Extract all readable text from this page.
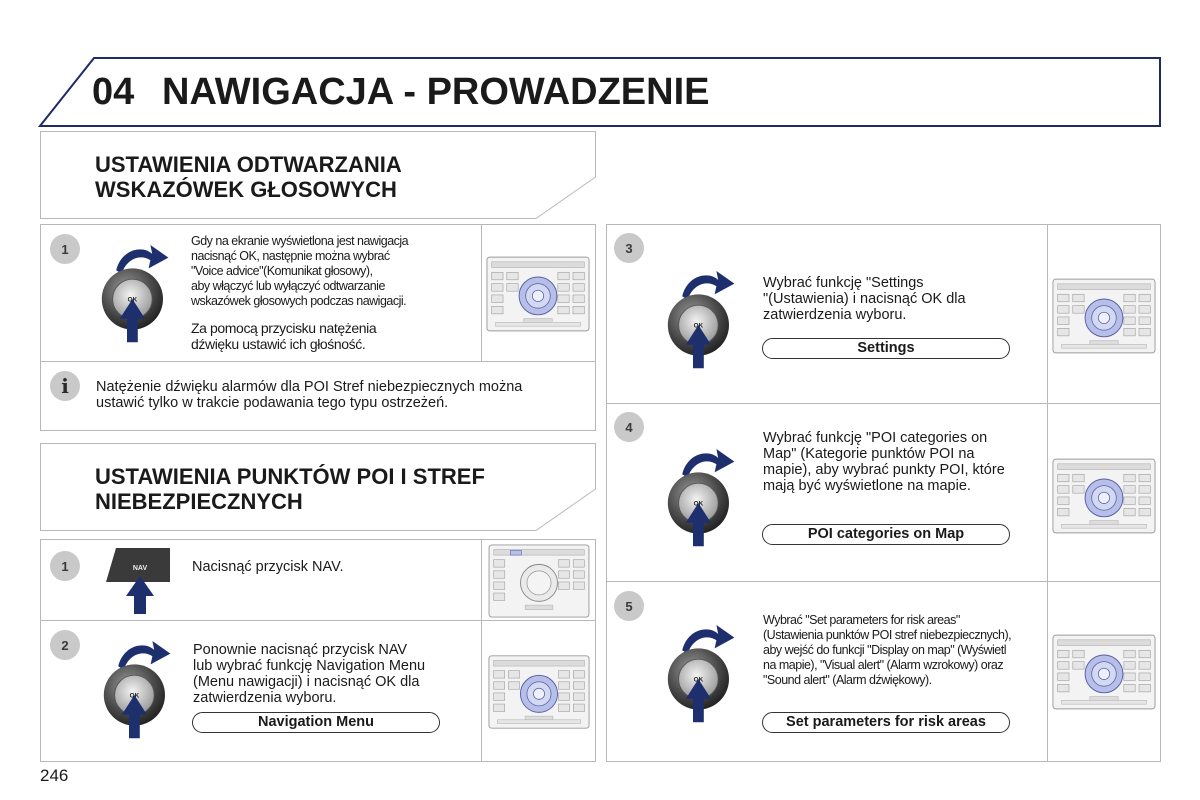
04 NAWIGACJA - PROWADZENIE
USTAWIENIA ODTWARZANIA
WSKAZÓWEK GŁOSOWYCH
1
Gdy na ekranie wyświetlona jest nawigacja
nacisnąć OK, następnie można wybrać
"Voice advice"(Komunikat głosowy),
aby włączyć lub wyłączyć odtwarzanie
wskazówek głosowych podczas nawigacji.
Za pomocą przycisku natężenia
dźwięku ustawić ich głośność.
i	Natężenie dźwięku alarmów dla POI Stref niebezpiecznych można
ustawić tylko w trakcie podawania tego typu ostrzeżeń.
USTAWIENIA PUNKTÓW POI I STREF
NIEBEZPIECZNYCH
1	NAV	Nacisnąć przycisk NAV.
2	Ponownie nacisnąć przycisk NAV
lub wybrać funkcję Navigation Menu
(Menu nawigacji) i nacisnąć OK dla
zatwierdzenia wyboru.
Navigation Menu
3
Wybrać funkcję "Settings
"(Ustawienia) i nacisnąć OK dla
zatwierdzenia wyboru.
Settings
4
Wybrać funkcję "POI categories on
Map" (Kategorie punktów POI na
mapie), aby wybrać punkty POI, które
mają być wyświetlone na mapie.
POI categories on Map
5
Wybrać "Set parameters for risk areas"
(Ustawienia punktów POI stref niebezpiecznych),
aby wejść do funkcji "Display on map" (Wyświetl
na mapie), "Visual alert" (Alarm wzrokowy) oraz
"Sound alert" (Alarm dźwiękowy).
Set parameters for risk areas
246
